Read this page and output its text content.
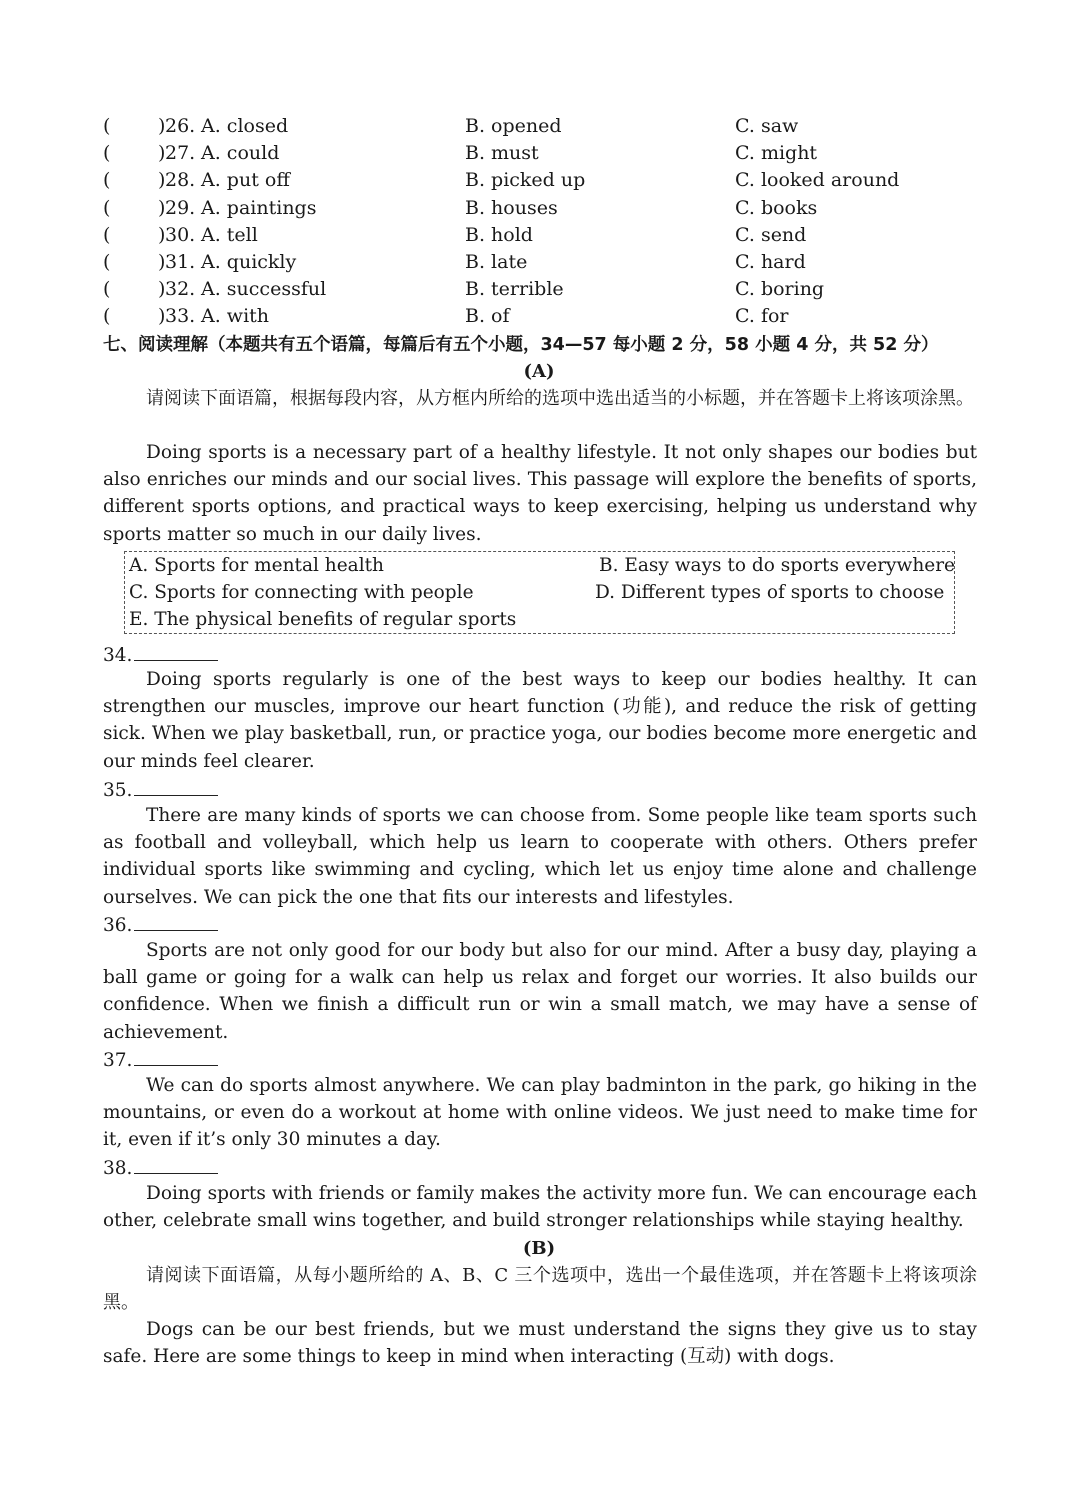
(	) 26. A. closed	B. opened	C. saw
(	) 27. A. could	B. must	C. might
(	) 28. A. put off	B. picked up	C. looked around
(	) 29. A. paintings	B. houses	C. books
(	) 30. A. tell	B. hold	C. send
(	) 31. A. quickly	B. late	C. hard
(	) 32. A. successful	B. terrible	C. boring
(	) 33. A. with	B. of	C. for
七、阅读理解（本题共有五个语篇，每篇后有五个小题，34—57 每小题 2 分，58 小题 4 分，共 52 分）
(A)

请阅读下面语篇，根据每段内容，从方框内所给的选项中选出适当的小标题，并在答题卡上将该项涂黑。

Doing sports is a necessary part of a healthy lifestyle. It not only shapes our bodies but also enriches our minds and our social lives. This passage will explore the benefits of sports, different sports options, and practical ways to keep exercising, helping us understand why sports matter so much in our daily lives.

A. Sports for mental health	B. Easy ways to do sports everywhere
C. Sports for connecting with people	D. Different types of sports to choose
E. The physical benefits of regular sports
34.

Doing sports regularly is one of the best ways to keep our bodies healthy. It can strengthen our muscles, improve our heart function (功能), and reduce the risk of getting sick. When we play basketball, run, or practice yoga, our bodies become more energetic and our minds feel clearer.

35.

There are many kinds of sports we can choose from. Some people like team sports such as football and volleyball, which help us learn to cooperate with others. Others prefer individual sports like swimming and cycling, which let us enjoy time alone and challenge ourselves. We can pick the one that fits our interests and lifestyles.

36.

Sports are not only good for our body but also for our mind. After a busy day, playing a ball game or going for a walk can help us relax and forget our worries. It also builds our confidence. When we finish a difficult run or win a small match, we may have a sense of achievement.

37.

We can do sports almost anywhere. We can play badminton in the park, go hiking in the mountains, or even do a workout at home with online videos. We just need to make time for it, even if it’s only 30 minutes a day.

38.

Doing sports with friends or family makes the activity more fun. We can encourage each other, celebrate small wins together, and build stronger relationships while staying healthy.

(B)

请阅读下面语篇，从每小题所给的 A、B、C 三个选项中，选出一个最佳选项，并在答题卡上将该项涂黑。

Dogs can be our best friends, but we must understand the signs they give us to stay safe. Here are some things to keep in mind when interacting (互动) with dogs.
